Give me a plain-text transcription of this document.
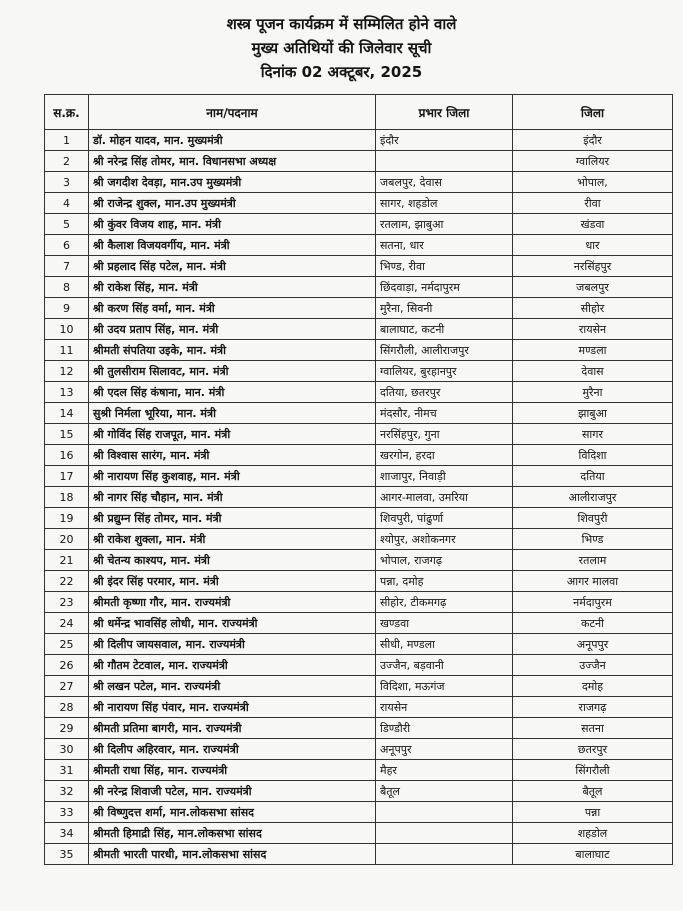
शस्त्र पूजन कार्यक्रम में सम्मिलित होने वाले
मुख्य अतिथियों की जिलेवार सूची
दिनांक 02 अक्टूबर, 2025
स.क्र.	नाम/पदनाम	प्रभार जिला	जिला
1	डॉ. मोहन यादव, मान. मुख्यमंत्री	इंदौर	इंदौर
2	श्री नरेन्द्र सिंह तोमर, मान. विधानसभा अध्यक्ष		ग्वालियर
3	श्री जगदीश देवड़ा, मान.उप मुख्यमंत्री	जबलपुर, देवास	भोपाल,
4	श्री राजेन्द्र शुक्ल, मान.उप मुख्यमंत्री	सागर, शहडोल	रीवा
5	श्री कुंवर विजय शाह, मान. मंत्री	रतलाम, झाबुआ	खंडवा
6	श्री कैलाश विजयवर्गीय, मान. मंत्री	सतना, धार	धार
7	श्री प्रहलाद सिंह पटेल, मान. मंत्री	भिण्ड, रीवा	नरसिंहपुर
8	श्री राकेश सिंह, मान. मंत्री	छिंदवाड़ा, नर्मदापुरम	जबलपुर
9	श्री करण सिंह वर्मा, मान. मंत्री	मुरैना, सिवनी	सीहोर
10	श्री उदय प्रताप सिंह, मान. मंत्री	बालाघाट, कटनी	रायसेन
11	श्रीमती संपतिया उइके, मान. मंत्री	सिंगरौली, आलीराजपुर	मण्डला
12	श्री तुलसीराम सिलावट, मान. मंत्री	ग्वालियर, बुरहानपुर	देवास
13	श्री एदल सिंह कंषाना, मान. मंत्री	दतिया, छतरपुर	मुरैना
14	सुश्री निर्मला भूरिया, मान. मंत्री	मंदसौर, नीमच	झाबुआ
15	श्री गोविंद सिंह राजपूत, मान. मंत्री	नरसिंहपुर, गुना	सागर
16	श्री विश्वास सारंग, मान. मंत्री	खरगोन, हरदा	विदिशा
17	श्री नारायण सिंह कुशवाह, मान. मंत्री	शाजापुर, निवाड़ी	दतिया
18	श्री नागर सिंह चौहान, मान. मंत्री	आगर-मालवा, उमरिया	आलीराजपुर
19	श्री प्रद्युम्न सिंह तोमर, मान. मंत्री	शिवपुरी, पांढुर्णा	शिवपुरी
20	श्री राकेश शुक्ला, मान. मंत्री	श्योपुर, अशोकनगर	भिण्ड
21	श्री चेतन्य काश्यप, मान. मंत्री	भोपाल, राजगढ़	रतलाम
22	श्री इंदर सिंह परमार, मान. मंत्री	पन्ना, दमोह	आगर मालवा
23	श्रीमती कृष्णा गौर, मान. राज्यमंत्री	सीहोर, टीकमगढ़	नर्मदापुरम
24	श्री धर्मेन्द्र भावसिंह लोधी, मान. राज्यमंत्री	खण्डवा	कटनी
25	श्री दिलीप जायसवाल, मान. राज्यमंत्री	सीधी, मण्डला	अनूपपुर
26	श्री गौतम टेटवाल, मान. राज्यमंत्री	उज्जैन, बड़वानी	उज्जैन
27	श्री लखन पटेल, मान. राज्यमंत्री	विदिशा, मऊगंज	दमोह
28	श्री नारायण सिंह पंवार, मान. राज्यमंत्री	रायसेन	राजगढ़
29	श्रीमती प्रतिमा बागरी, मान. राज्यमंत्री	डिण्डौरी	सतना
30	श्री दिलीप अहिरवार, मान. राज्यमंत्री	अनूपपुर	छतरपुर
31	श्रीमती राधा सिंह, मान. राज्यमंत्री	मैहर	सिंगरौली
32	श्री नरेन्द्र शिवाजी पटेल, मान. राज्यमंत्री	बैतूल	बैतूल
33	श्री विष्णुदत्त शर्मा, मान.लोकसभा सांसद		पन्ना
34	श्रीमती हिमाद्री सिंह, मान.लोकसभा सांसद		शहडोल
35	श्रीमती भारती पारधी, मान.लोकसभा सांसद		बालाघाट
